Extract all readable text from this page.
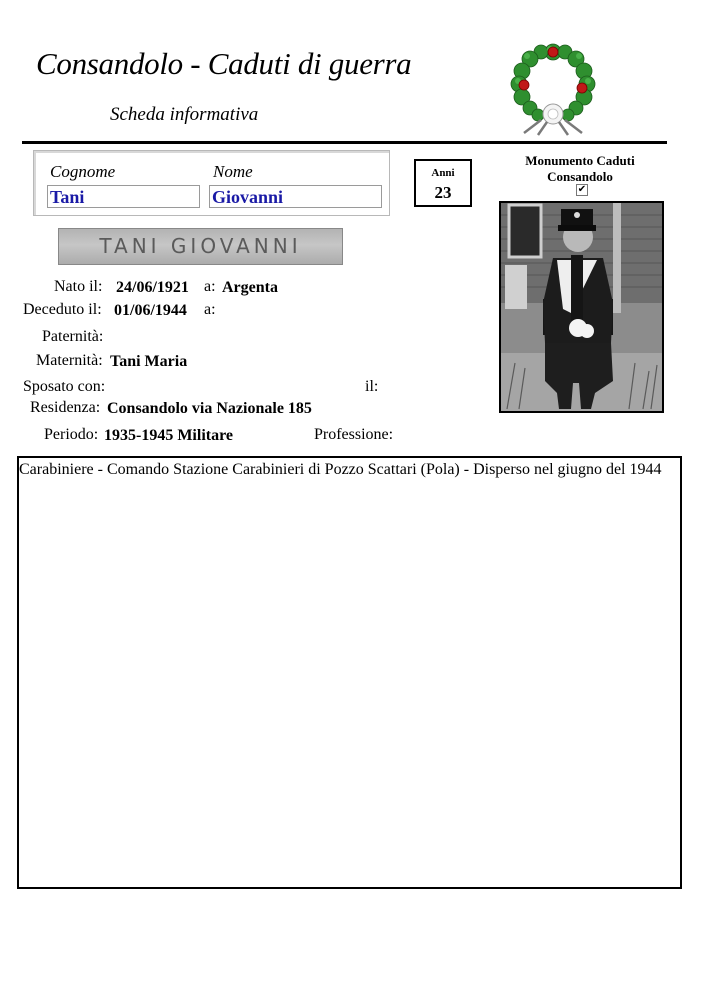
Consandolo - Caduti di guerra
Scheda informativa
Cognome	Nome
Tani	Giovanni
Anni
23
Monumento Caduti Consandolo
✔
TANI GIOVANNI
Nato il: 24/06/1921 a: Argenta
Deceduto il: 01/06/1944 a:
Paternità:
Maternità: Tani Maria
Sposato con:	il:
Residenza: Consandolo via Nazionale 185
Periodo: 1935-1945 Militare	Professione:
Carabiniere - Comando Stazione Carabinieri di Pozzo Scattari (Pola) - Disperso nel giugno del 1944
